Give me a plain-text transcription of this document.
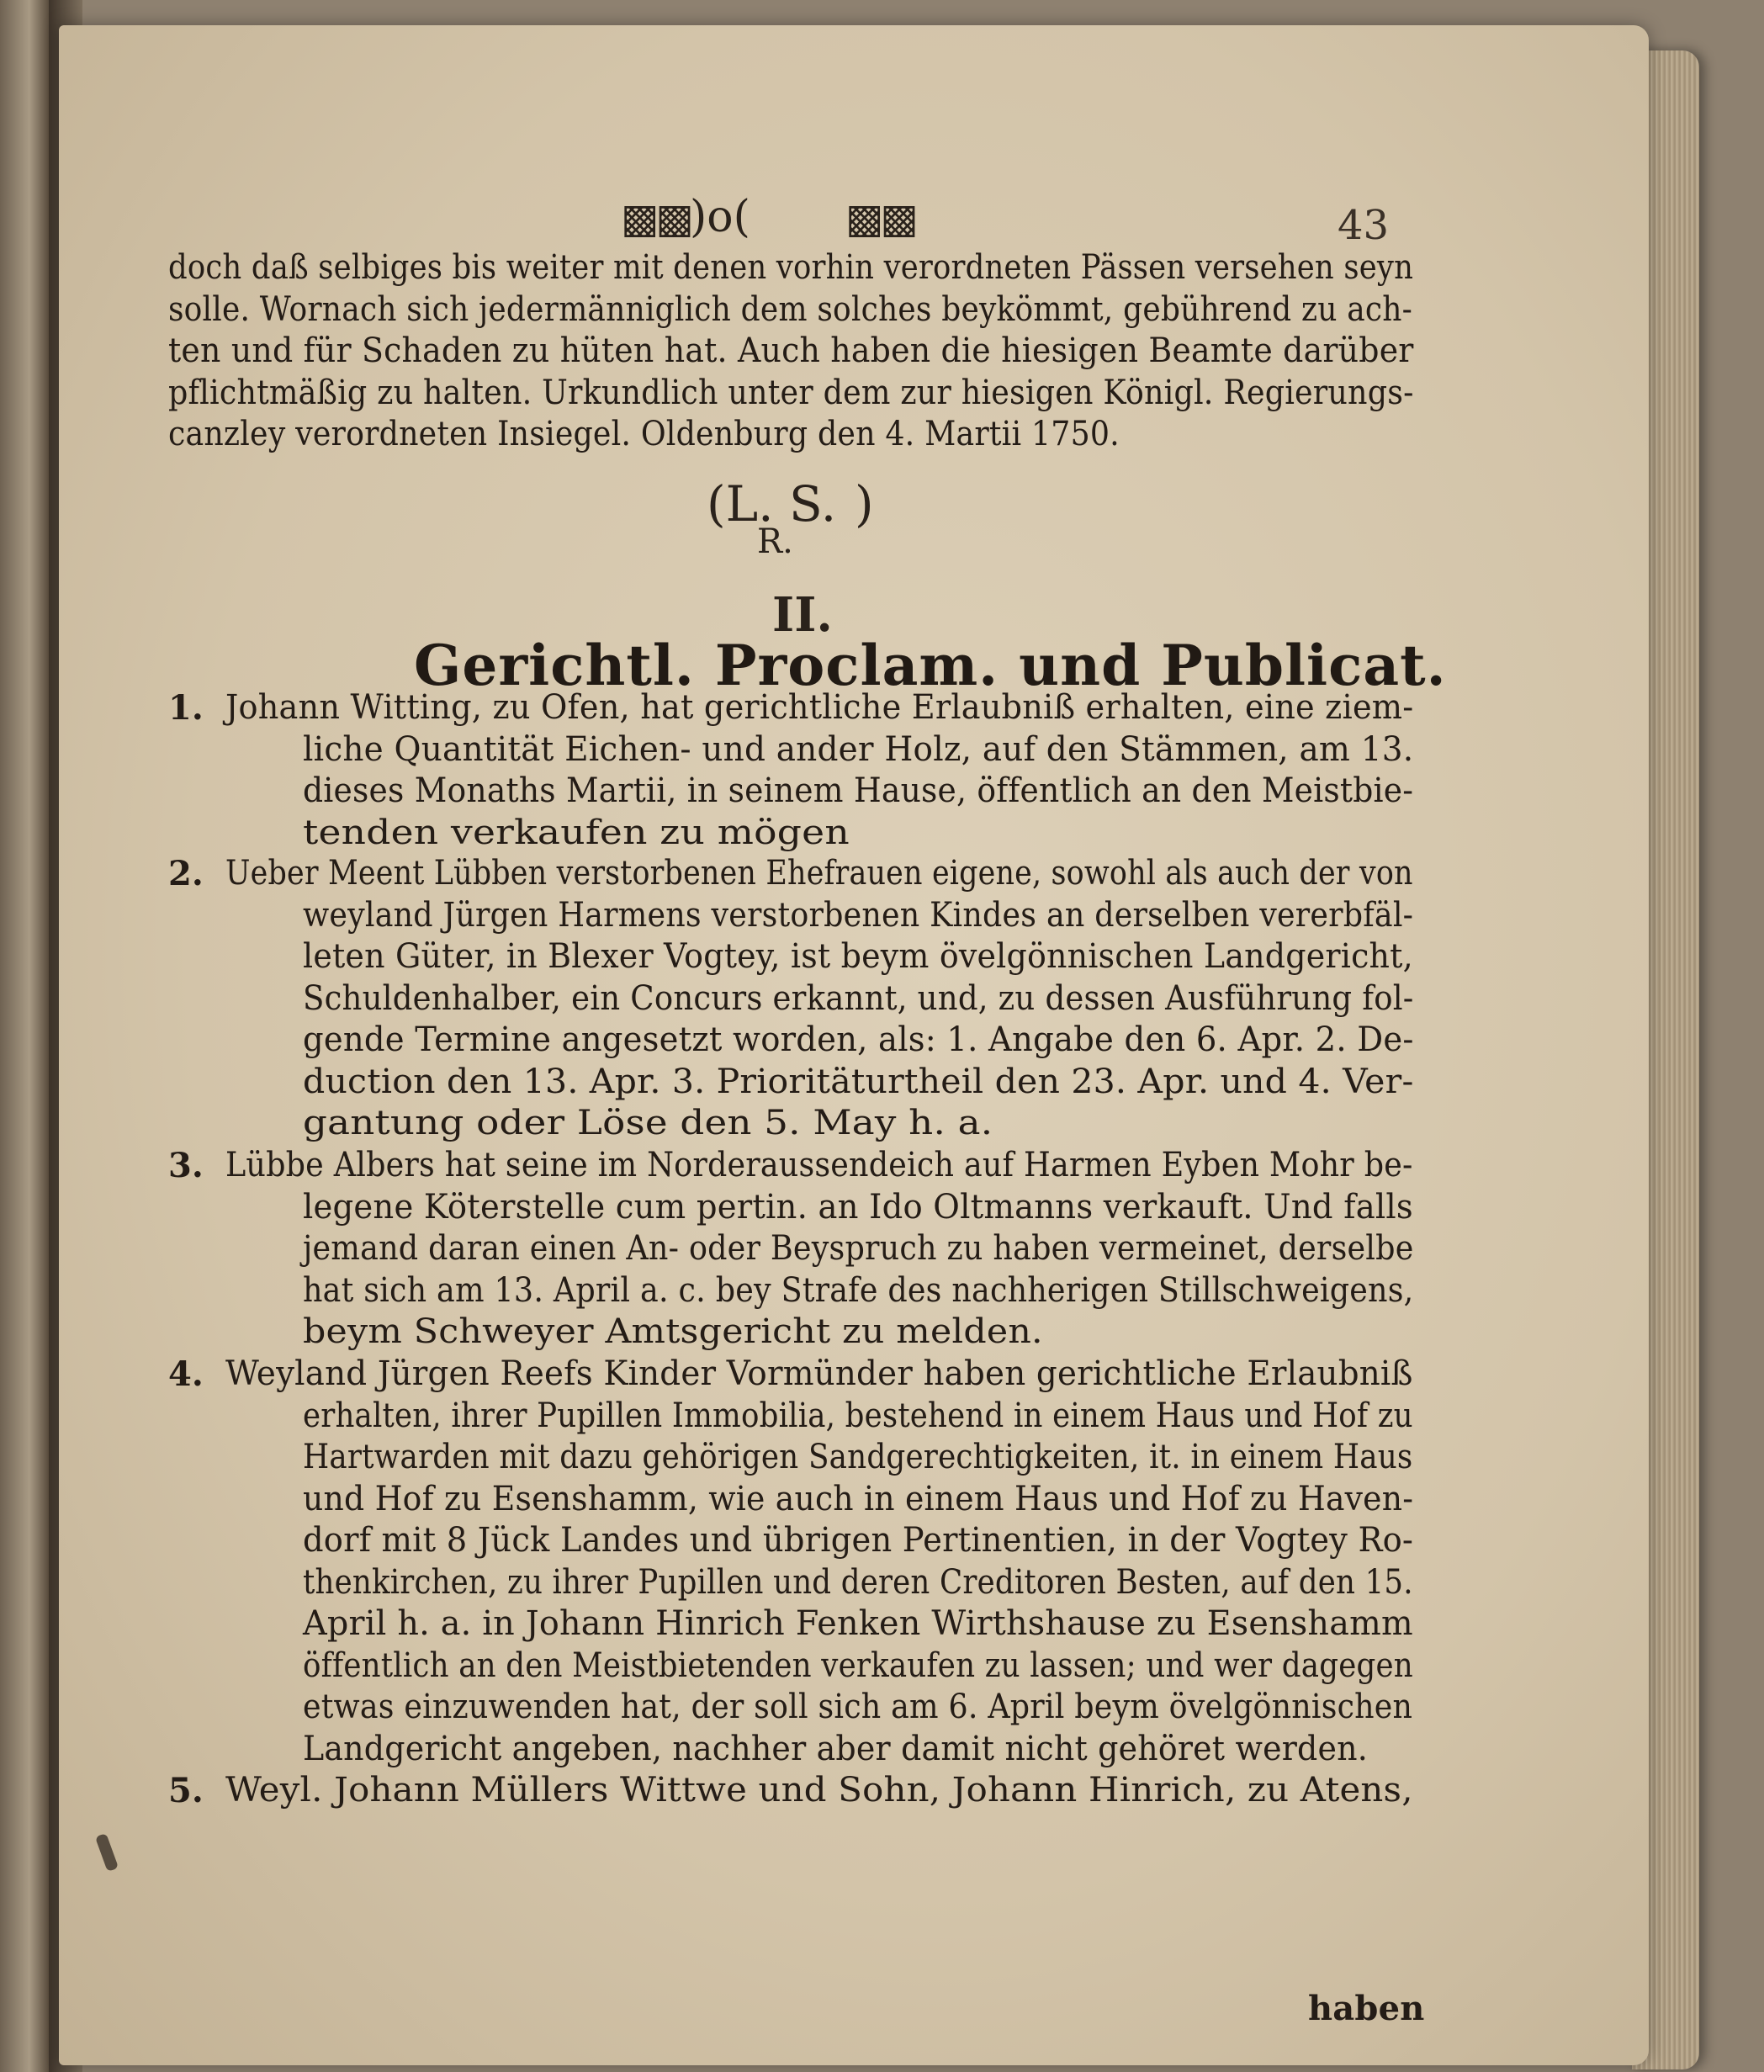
▩▩ )o( ▩▩	43
doch daß selbiges bis weiter mit denen vorhin verordneten Pässen versehen seyn
solle. Wornach sich jedermänniglich dem solches beykömmt, gebührend zu ach-
ten und für Schaden zu hüten hat. Auch haben die hiesigen Beamte darüber
pflichtmäßig zu halten. Urkundlich unter dem zur hiesigen Königl. Regierungs-
canzley verordneten Insiegel. Oldenburg den 4. Martii 1750.
(L. S.

R.
)
II.
Gerichtl. Proclam. und Publicat.
1. Johann Witting, zu Ofen, hat gerichtliche Erlaubniß erhalten, eine ziem-
liche Quantität Eichen- und ander Holz, auf den Stämmen, am 13.
dieses Monaths Martii, in seinem Hause, öffentlich an den Meistbie-
tenden verkaufen zu mögen
2. Ueber Meent Lübben verstorbenen Ehefrauen eigene, sowohl als auch der von
weyland Jürgen Harmens verstorbenen Kindes an derselben vererbfäl-
leten Güter, in Blexer Vogtey, ist beym övelgönnischen Landgericht,
Schuldenhalber, ein Concurs erkannt, und, zu dessen Ausführung fol-
gende Termine angesetzt worden, als: 1. Angabe den 6. Apr. 2. De-
duction den 13. Apr. 3. Prioritäturtheil den 23. Apr. und 4. Ver-
gantung oder Löse den 5. May h. a.
3. Lübbe Albers hat seine im Norderaussendeich auf Harmen Eyben Mohr be-
legene Köterstelle cum pertin. an Ido Oltmanns verkauft. Und falls
jemand daran einen An- oder Beyspruch zu haben vermeinet, derselbe
hat sich am 13. April a. c. bey Strafe des nachherigen Stillschweigens,
beym Schweyer Amtsgericht zu melden.
4. Weyland Jürgen Reefs Kinder Vormünder haben gerichtliche Erlaubniß
erhalten, ihrer Pupillen Immobilia, bestehend in einem Haus und Hof zu
Hartwarden mit dazu gehörigen Sandgerechtigkeiten, it. in einem Haus
und Hof zu Esenshamm, wie auch in einem Haus und Hof zu Haven-
dorf mit 8 Jück Landes und übrigen Pertinentien, in der Vogtey Ro-
thenkirchen, zu ihrer Pupillen und deren Creditoren Besten, auf den 15.
April h. a. in Johann Hinrich Fenken Wirthshause zu Esenshamm
öffentlich an den Meistbietenden verkaufen zu lassen; und wer dagegen
etwas einzuwenden hat, der soll sich am 6. April beym övelgönnischen
Landgericht angeben, nachher aber damit nicht gehöret werden.
5. Weyl. Johann Müllers Wittwe und Sohn, Johann Hinrich, zu Atens,
haben
